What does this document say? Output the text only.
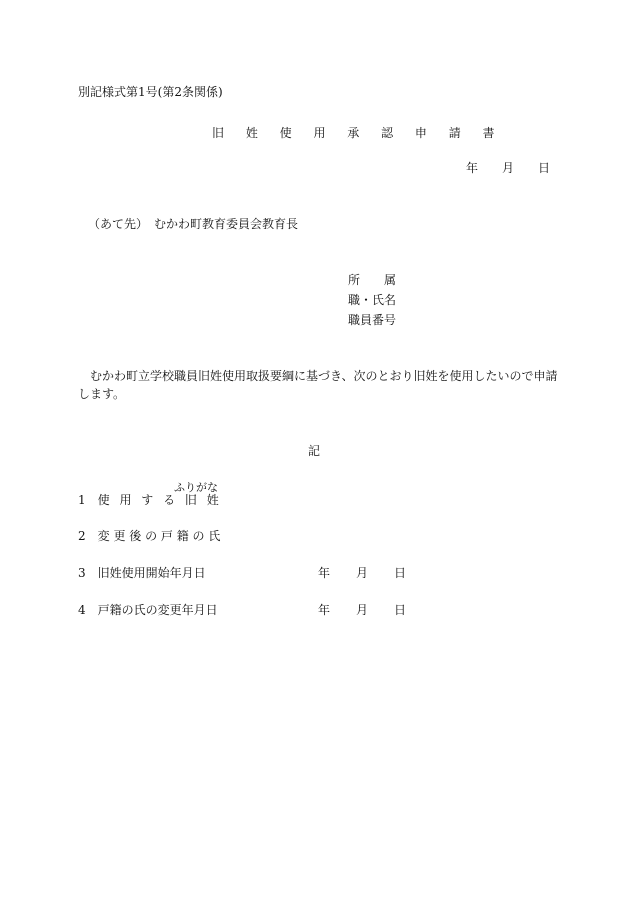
別記様式第1号(第2条関係)
旧 姓 使 用 承 認 申 請 書
年 月 日
（あて先）　むかわ町教育委員会教育長
所　　属
職・氏名
職員番号
むかわ町立学校職員旧姓使用取扱要綱に基づき、次のとおり旧姓を使用したいので申請
します。
記
ふりがな
1 使 用 す る 旧 姓
2 変 更 後 の 戸 籍 の 氏
3 旧姓使用開始年月日	年 月 日
4 戸籍の氏の変更年月日	年 月 日
